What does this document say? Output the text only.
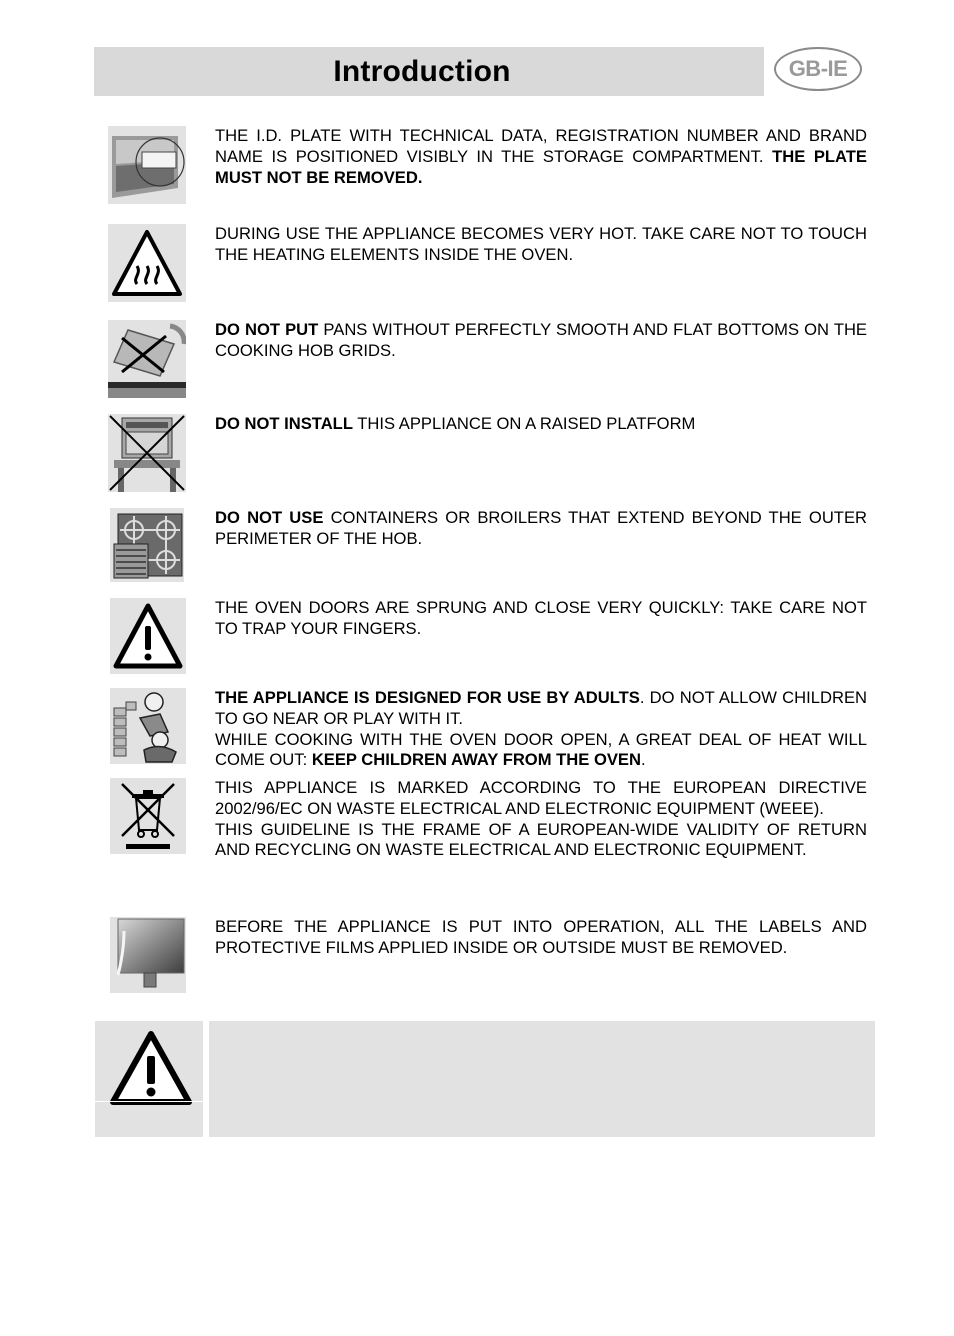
Introduction	GB-IE

THE I.D. PLATE WITH TECHNICAL DATA, REGISTRATION NUMBER AND BRAND NAME IS POSITIONED VISIBLY IN THE STORAGE COMPARTMENT. THE PLATE MUST NOT BE REMOVED.

DURING USE THE APPLIANCE BECOMES VERY HOT. TAKE CARE NOT TO TOUCH THE HEATING ELEMENTS INSIDE THE OVEN.

DO NOT PUT PANS WITHOUT PERFECTLY SMOOTH AND FLAT BOTTOMS ON THE COOKING HOB GRIDS.

DO NOT INSTALL THIS APPLIANCE ON A RAISED PLATFORM

DO NOT USE CONTAINERS OR BROILERS THAT EXTEND BEYOND THE OUTER PERIMETER OF THE HOB.

THE OVEN DOORS ARE SPRUNG AND CLOSE VERY QUICKLY: TAKE CARE NOT TO TRAP YOUR FINGERS.

THE APPLIANCE IS DESIGNED FOR USE BY ADULTS. DO NOT ALLOW CHILDREN TO GO NEAR OR PLAY WITH IT.

WHILE COOKING WITH THE OVEN DOOR OPEN, A GREAT DEAL OF HEAT WILL COME OUT: KEEP CHILDREN AWAY FROM THE OVEN.

THIS APPLIANCE IS MARKED ACCORDING TO THE EUROPEAN DIRECTIVE 2002/96/EC ON WASTE ELECTRICAL AND ELECTRONIC EQUIPMENT (WEEE).

THIS GUIDELINE IS THE FRAME OF A EUROPEAN-WIDE VALIDITY OF RETURN AND RECYCLING ON WASTE ELECTRICAL AND ELECTRONIC EQUIPMENT.

BEFORE THE APPLIANCE IS PUT INTO OPERATION, ALL THE LABELS AND PROTECTIVE FILMS APPLIED INSIDE OR OUTSIDE MUST BE REMOVED.
